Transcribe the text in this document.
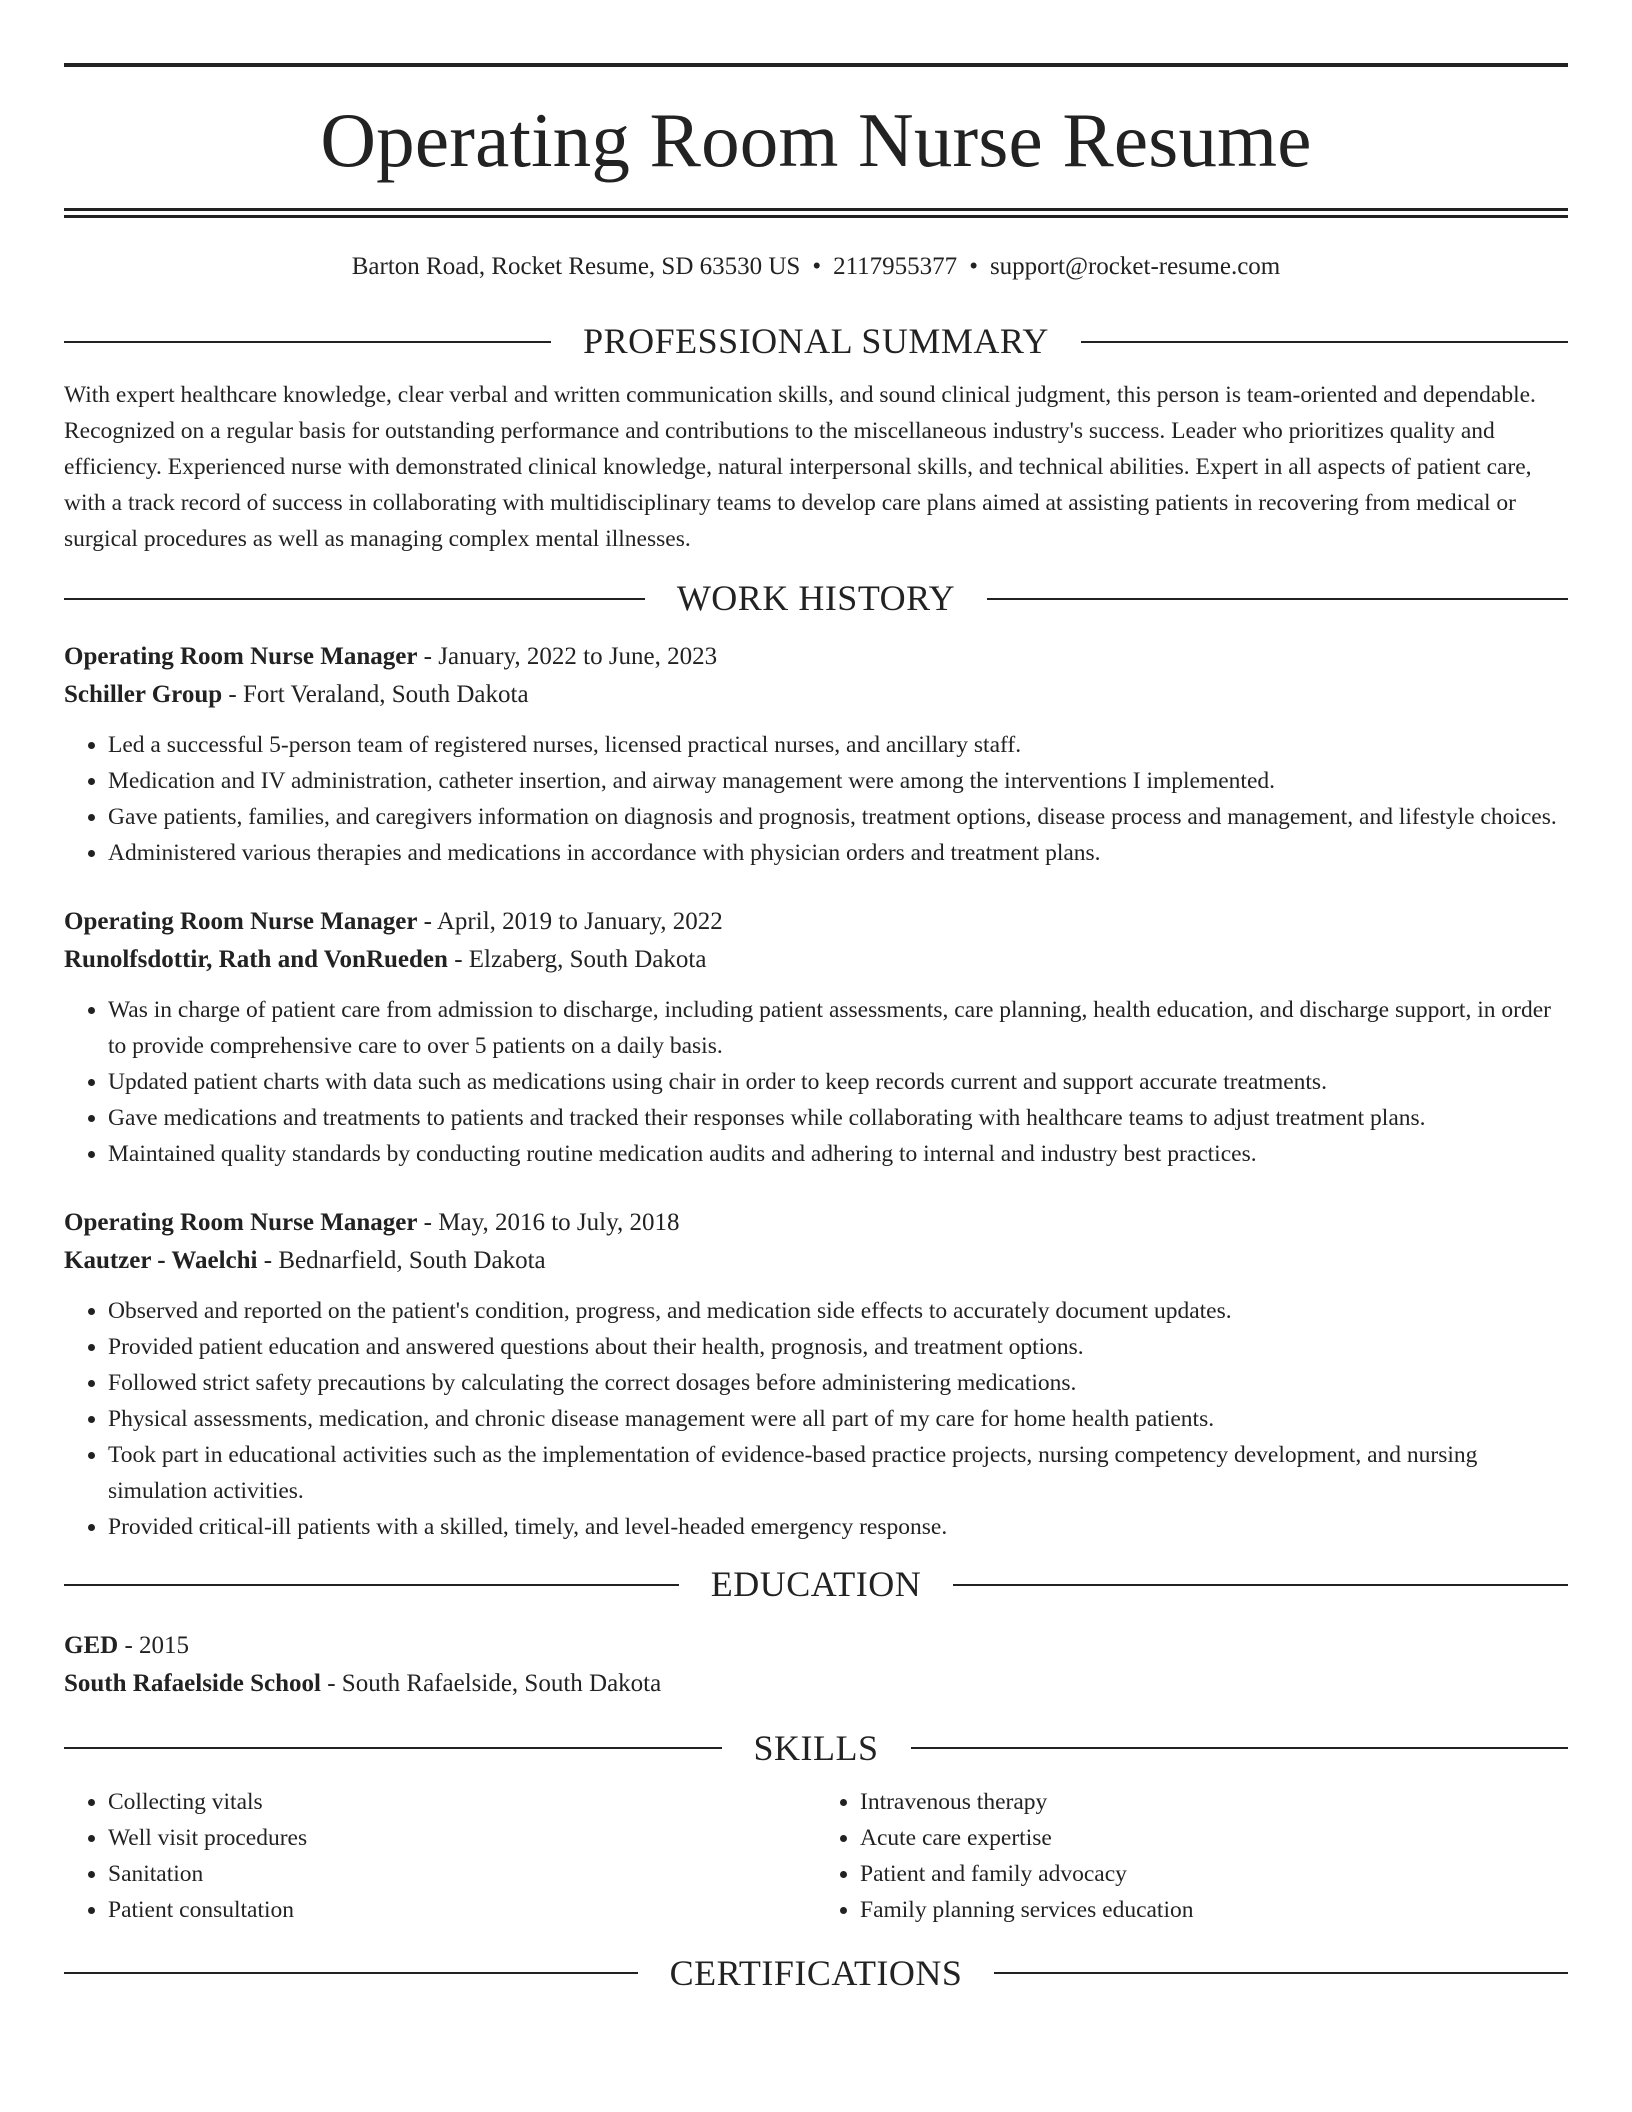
Operating Room Nurse Resume
Barton Road, Rocket Resume, SD 63530 US • 2117955377 • support@rocket-resume.com
PROFESSIONAL SUMMARY
With expert healthcare knowledge, clear verbal and written communication skills, and sound clinical judgment, this person is team-oriented and dependable. Recognized on a regular basis for outstanding performance and contributions to the miscellaneous industry's success. Leader who prioritizes quality and efficiency. Experienced nurse with demonstrated clinical knowledge, natural interpersonal skills, and technical abilities. Expert in all aspects of patient care, with a track record of success in collaborating with multidisciplinary teams to develop care plans aimed at assisting patients in recovering from medical or surgical procedures as well as managing complex mental illnesses.
WORK HISTORY
Operating Room Nurse Manager - January, 2022 to June, 2023
Schiller Group - Fort Veraland, South Dakota
• Led a successful 5-person team of registered nurses, licensed practical nurses, and ancillary staff.
• Medication and IV administration, catheter insertion, and airway management were among the interventions I implemented.
• Gave patients, families, and caregivers information on diagnosis and prognosis, treatment options, disease process and management, and lifestyle choices.
• Administered various therapies and medications in accordance with physician orders and treatment plans.
Operating Room Nurse Manager - April, 2019 to January, 2022
Runolfsdottir, Rath and VonRueden - Elzaberg, South Dakota
• Was in charge of patient care from admission to discharge, including patient assessments, care planning, health education, and discharge support, in order to provide comprehensive care to over 5 patients on a daily basis.
• Updated patient charts with data such as medications using chair in order to keep records current and support accurate treatments.
• Gave medications and treatments to patients and tracked their responses while collaborating with healthcare teams to adjust treatment plans.
• Maintained quality standards by conducting routine medication audits and adhering to internal and industry best practices.
Operating Room Nurse Manager - May, 2016 to July, 2018
Kautzer - Waelchi - Bednarfield, South Dakota
• Observed and reported on the patient's condition, progress, and medication side effects to accurately document updates.
• Provided patient education and answered questions about their health, prognosis, and treatment options.
• Followed strict safety precautions by calculating the correct dosages before administering medications.
• Physical assessments, medication, and chronic disease management were all part of my care for home health patients.
• Took part in educational activities such as the implementation of evidence-based practice projects, nursing competency development, and nursing simulation activities.
• Provided critical-ill patients with a skilled, timely, and level-headed emergency response.
EDUCATION
GED - 2015
South Rafaelside School - South Rafaelside, South Dakota
SKILLS
• Collecting vitals
• Well visit procedures
• Sanitation
• Patient consultation
• Intravenous therapy
• Acute care expertise
• Patient and family advocacy
• Family planning services education
CERTIFICATIONS
